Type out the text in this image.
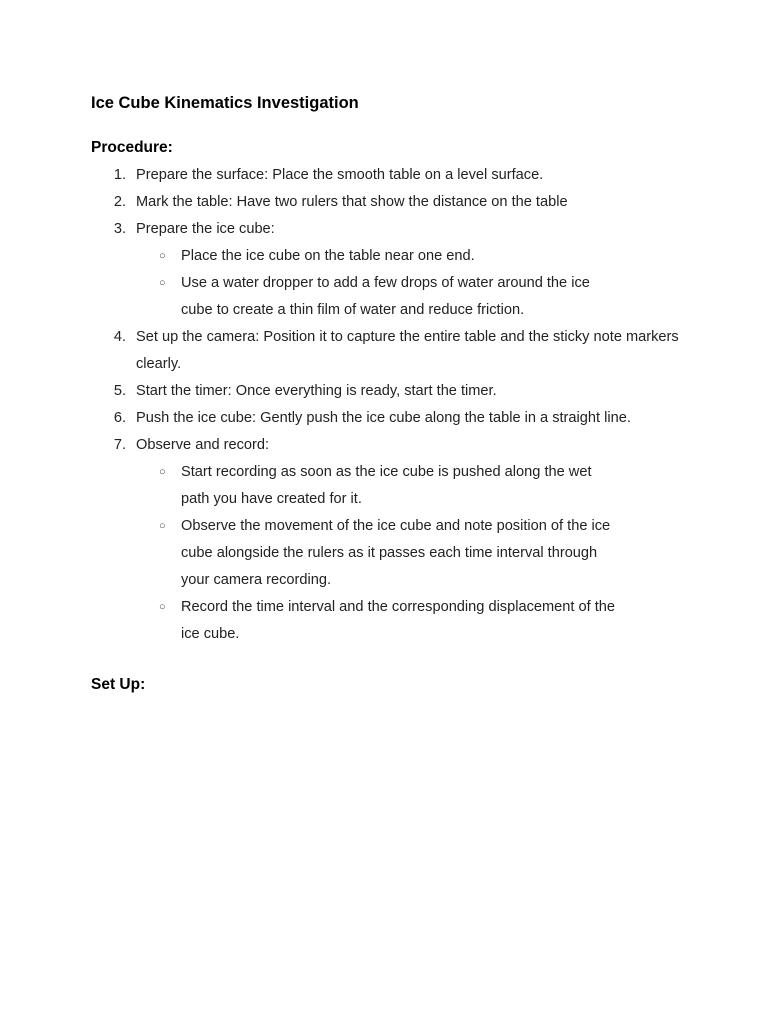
Ice Cube Kinematics Investigation
Procedure:
1. Prepare the surface: Place the smooth table on a level surface.
2. Mark the table: Have two rulers that show the distance on the table
3. Prepare the ice cube:
○ Place the ice cube on the table near one end.
○ Use a water dropper to add a few drops of water around the ice cube to create a thin film of water and reduce friction.
4. Set up the camera: Position it to capture the entire table and the sticky note markers clearly.
5. Start the timer: Once everything is ready, start the timer.
6. Push the ice cube: Gently push the ice cube along the table in a straight line.
7. Observe and record:
○ Start recording as soon as the ice cube is pushed along the wet path you have created for it.
○ Observe the movement of the ice cube and note position of the ice cube alongside the rulers as it passes each time interval through your camera recording.
○ Record the time interval and the corresponding displacement of the ice cube.
Set Up:
